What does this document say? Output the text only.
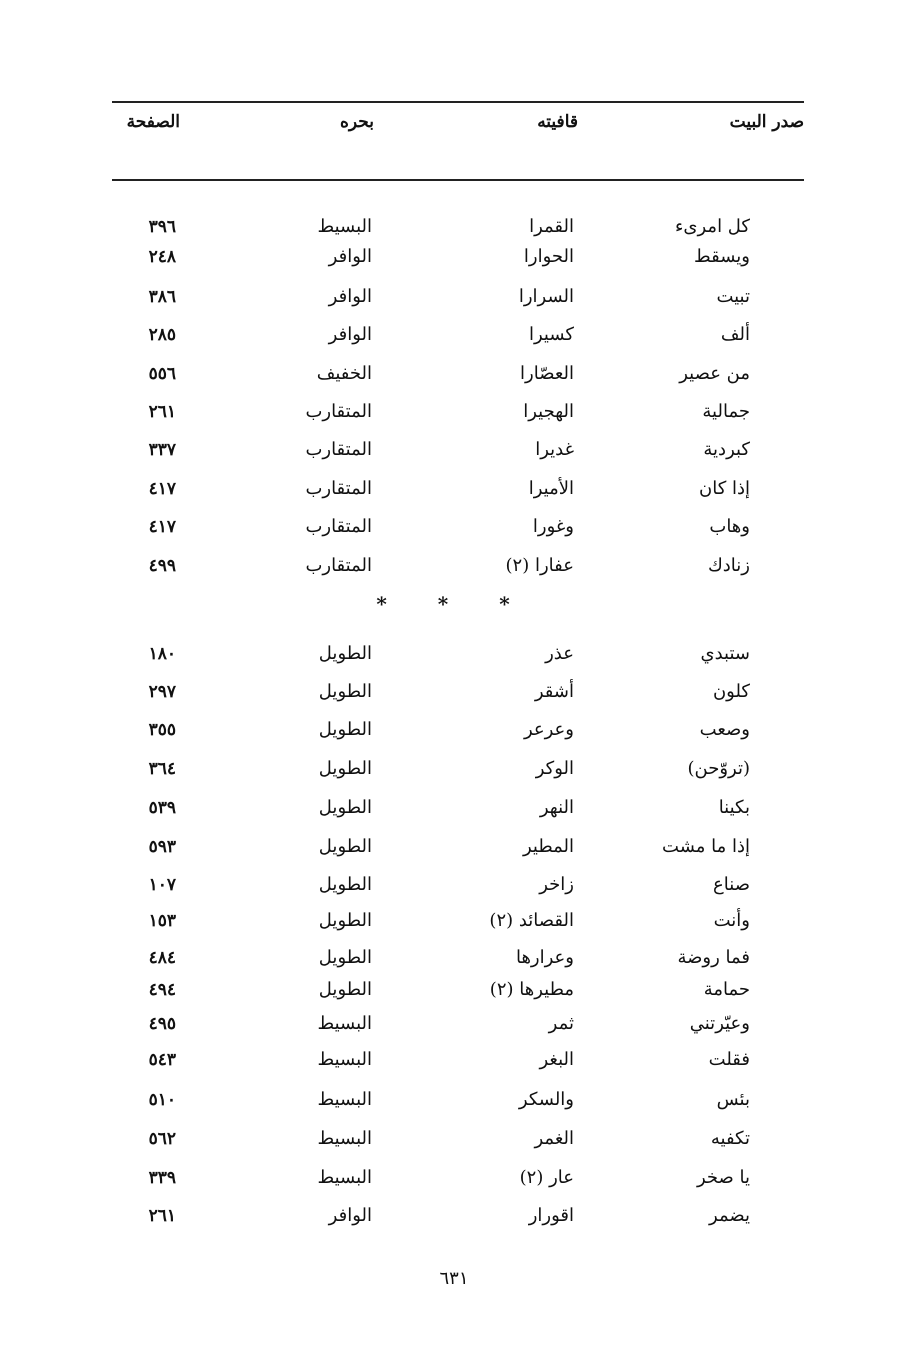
صدر البيت
قافيته
بحره
الصفحة
كل امرىء
القمرا
البسيط
٣٩٦
ويسقط
الحوارا
الوافر
٢٤٨
تبيت
السرارا
الوافر
٣٨٦
ألف
كسيرا
الوافر
٢٨٥
من عصير
العصّارا
الخفيف
٥٥٦
جمالية
الهجيرا
المتقارب
٢٦١
كبردية
غديرا
المتقارب
٣٣٧
إذا كان
الأميرا
المتقارب
٤١٧
وهاب
وغورا
المتقارب
٤١٧
زنادك
عفارا (٢)
المتقارب
٤٩٩
ستبدي
عذر
الطويل
١٨٠
كلون
أشقر
الطويل
٢٩٧
وصعب
وعرعر
الطويل
٣٥٥
(تروّحن)
الوكر
الطويل
٣٦٤
بكينا
النهر
الطويل
٥٣٩
إذا ما مشت
المطير
الطويل
٥٩٣
صناع
زاخر
الطويل
١٠٧
وأنت
القصائد (٢)
الطويل
١٥٣
فما روضة
وعرارها
الطويل
٤٨٤
حمامة
مطيرها (٢)
الطويل
٤٩٤
وعيّرتني
ثمر
البسيط
٤٩٥
فقلت
البغر
البسيط
٥٤٣
بئس
والسكر
البسيط
٥١٠
تكفيه
الغمر
البسيط
٥٦٢
يا صخر
عار (٢)
البسيط
٣٣٩
يضمر
اقورار
الوافر
٢٦١
* * *
٦٣١
